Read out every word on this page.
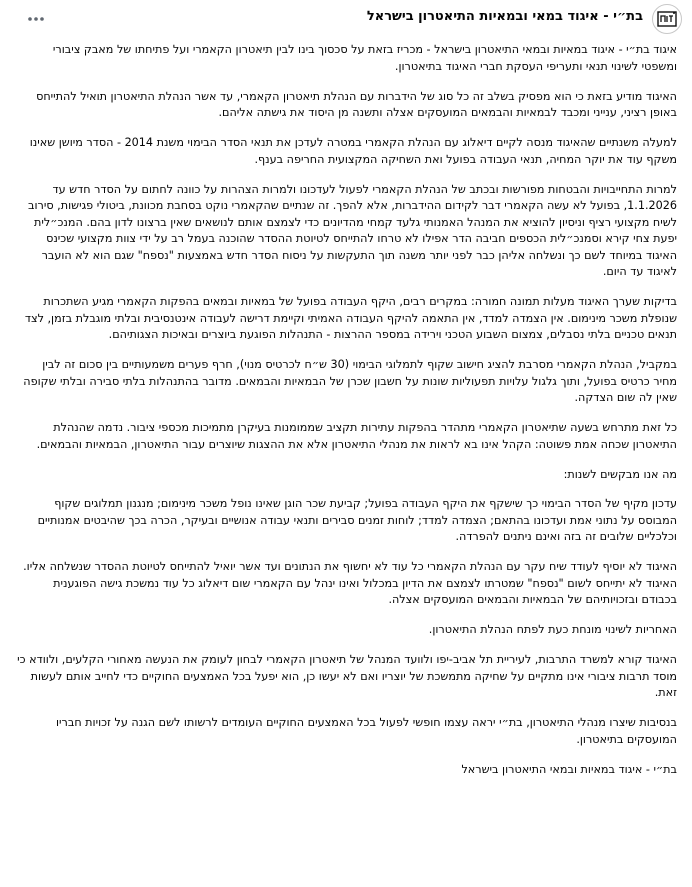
בת״י - איגוד במאי ובמאיות התיאטרון בישראל

איגוד בת״י - איגוד במאיות ובמאי התיאטרון בישראל - מכריז בזאת על סכסוך בינו לבין תיאטרון הקאמרי ועל פתיחתו של מאבק ציבורי ומשפטי לשינוי תנאי ותעריפי העסקת חברי האיגוד בתיאטרון.

האיגוד מודיע בזאת כי הוא מפסיק בשלב זה כל סוג של הידברות עם הנהלת תיאטרון הקאמרי, עד אשר הנהלת התיאטרון תואיל להתייחס באופן רציני, ענייני ומכבד לבמאיות והבמאים המועסקים אצלה ותשנה מן היסוד את גישתה אליהם.

למעלה משנתיים שהאיגוד מנסה לקיים דיאלוג עם הנהלת הקאמרי במטרה לעדכן את תנאי הסדר הבימוי משנת 2014 - הסדר מיושן שאינו משקף עוד את יוקר המחיה, תנאי העבודה בפועל ואת השחיקה המקצועית החריפה בענף.

למרות התחייבויות והבטחות מפורשות ובכתב של הנהלת הקאמרי לפעול לעדכונו ולמרות הצהרות על כוונה לחתום על הסדר חדש עד 1.1.2026, בפועל לא עשה הקאמרי דבר לקידום ההידברות, אלא להפך. זה שנתיים שהקאמרי נוקט בסחבת מכוונת, ביטולי פגישות, סירוב לשיח מקצועי רציף וניסיון להוציא את המנהל האמנותי גלעד קמחי מהדיונים כדי לצמצם אותם לנושאים שאין ברצונו לדון בהם. המנכ״לית יפעת צחי קירא וסמנכ״לית הכספים חביבה הדר אפילו לא טרחו להתייחס לטיוטת ההסדר שהוכנה בעמל רב על ידי צוות מקצועי שכינס האיגוד במיוחד לשם כך ונשלחה אליהן כבר לפני יותר משנה תוך התעקשות על ניסוח הסדר חדש באמצעות "נספח" שגם הוא לא הועבר לאיגוד עד היום.

בדיקות שערך האיגוד מעלות תמונה חמורה: במקרים רבים, היקף העבודה בפועל של במאיות ובמאים בהפקות הקאמרי מגיע השתכרות שנופלת משכר מינימום. אין הצמדה למדד, אין התאמה להיקף העבודה האמיתי וקיימת דרישה לעבודה אינטנסיבית ובלתי מוגבלת בזמן, לצד תנאים טכניים בלתי נסבלים, צמצום השבוע הטכני וירידה במספר ההרצות - התנהלות הפוגעת ביוצרים ובאיכות הצגותיהם.

במקביל, הנהלת הקאמרי מסרבת להציג חישוב שקוף לתמלוגי הבימוי (30 ש״ח לכרטיס מנוי), חרף פערים משמעותיים בין סכום זה לבין מחיר כרטיס בפועל, ותוך גלגול עלויות תפעוליות שונות על חשבון שכרן של הבמאיות והבמאים. מדובר בהתנהלות בלתי סבירה ובלתי שקופה שאין לה שום הצדקה.

כל זאת מתרחש בשעה שתיאטרון הקאמרי מתהדר בהפקות עתירות תקציב שממומנות בעיקרן מתמיכות מכספי ציבור. נדמה שהנהלת התיאטרון שכחה אמת פשוטה: הקהל אינו בא לראות את מנהלי התיאטרון אלא את ההצגות שיוצרים עבור התיאטרון, הבמאיות והבמאים.

מה אנו מבקשים לשנות:

עדכון מקיף של הסדר הבימוי כך שישקף את היקף העבודה בפועל; קביעת שכר הוגן שאינו נופל משכר מינימום; מנגנון תמלוגים שקוף המבוסס על נתוני אמת ועדכונו בהתאם; הצמדה למדד; לוחות זמנים סבירים ותנאי עבודה אנושיים ובעיקר, הכרה בכך שהיבטים אמנותיים וכלכליים שלובים זה בזה ואינם ניתנים להפרדה.

האיגוד לא יוסיף לעודד שיח עקר עם הנהלת הקאמרי כל עוד לא יחשוף את הנתונים ועד אשר יואיל להתייחס לטיוטת ההסדר שנשלחה אליו. האיגוד לא יתייחס לשום "נספח" שמטרתו לצמצם את הדיון במכלול ואינו ינהל עם הקאמרי שום דיאלוג כל עוד נמשכת גישה הפוגענית בכבודם ובזכויותיהם של הבמאיות והבמאים המועסקים אצלה.

האחריות לשינוי מונחת כעת לפתח הנהלת התיאטרון.

האיגוד קורא למשרד התרבות, לעיריית תל אביב-יפו ולוועד המנהל של תיאטרון הקאמרי לבחון לעומק את הנעשה מאחורי הקלעים, ולוודא כי מוסד תרבות ציבורי אינו מתקיים על שחיקה מתמשכת של יוצריו ואם לא יעשו כן, הוא יפעל בכל האמצעים החוקיים כדי לחייב אותם לעשות זאת.

בנסיבות שיצרו מנהלי התיאטרון, בת״י יראה עצמו חופשי לפעול בכל האמצעים החוקיים העומדים לרשותו לשם הגנה על זכויות חבריו המועסקים בתיאטרון.

בת״י - איגוד במאיות ובמאי התיאטרון בישראל
